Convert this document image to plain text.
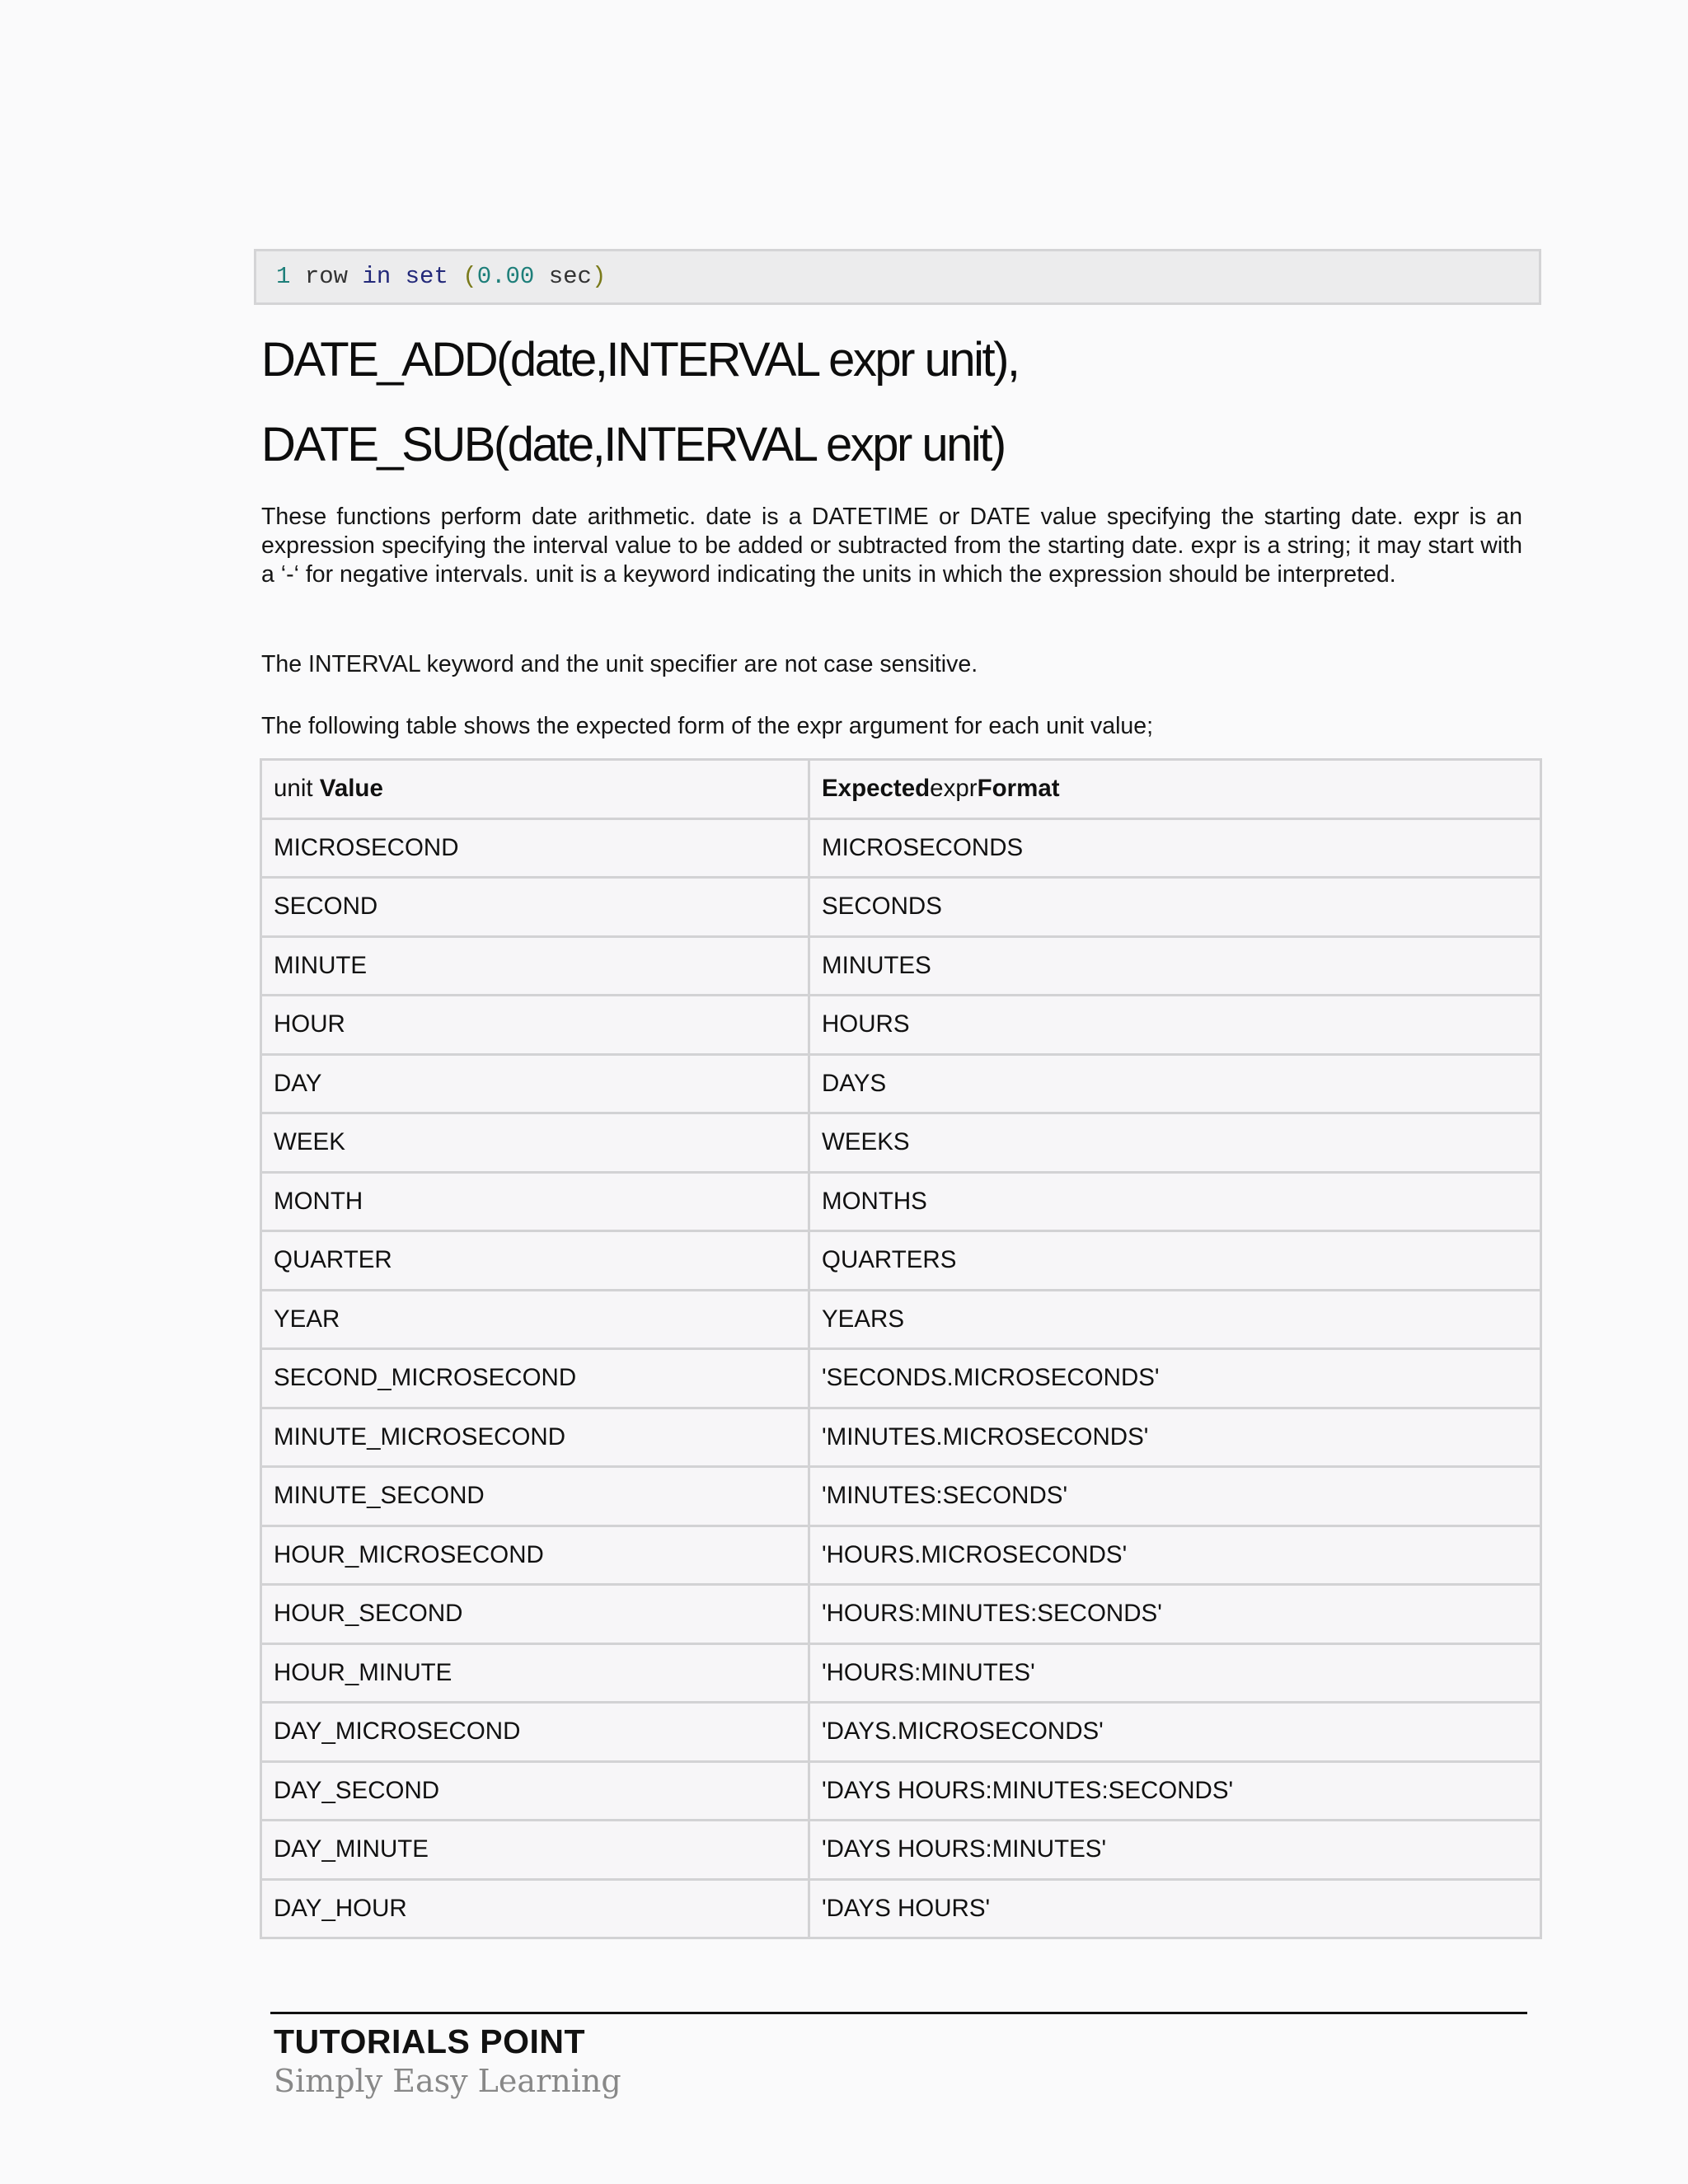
1 row in set (0.00 sec)
DATE_ADD(date,INTERVAL expr unit),
DATE_SUB(date,INTERVAL expr unit)
These functions perform date arithmetic. date is a DATETIME or DATE value specifying the starting date. expr is an expression specifying the interval value to be added or subtracted from the starting date. expr is a string; it may start with a ‘-‘ for negative intervals. unit is a keyword indicating the units in which the expression should be interpreted.
The INTERVAL keyword and the unit specifier are not case sensitive.
The following table shows the expected form of the expr argument for each unit value;
unit Value	ExpectedexprFormat
MICROSECOND	MICROSECONDS
SECOND	SECONDS
MINUTE	MINUTES
HOUR	HOURS
DAY	DAYS
WEEK	WEEKS
MONTH	MONTHS
QUARTER	QUARTERS
YEAR	YEARS
SECOND_MICROSECOND	'SECONDS.MICROSECONDS'
MINUTE_MICROSECOND	'MINUTES.MICROSECONDS'
MINUTE_SECOND	'MINUTES:SECONDS'
HOUR_MICROSECOND	'HOURS.MICROSECONDS'
HOUR_SECOND	'HOURS:MINUTES:SECONDS'
HOUR_MINUTE	'HOURS:MINUTES'
DAY_MICROSECOND	'DAYS.MICROSECONDS'
DAY_SECOND	'DAYS HOURS:MINUTES:SECONDS'
DAY_MINUTE	'DAYS HOURS:MINUTES'
DAY_HOUR	'DAYS HOURS'
TUTORIALS POINT
Simply Easy Learning
